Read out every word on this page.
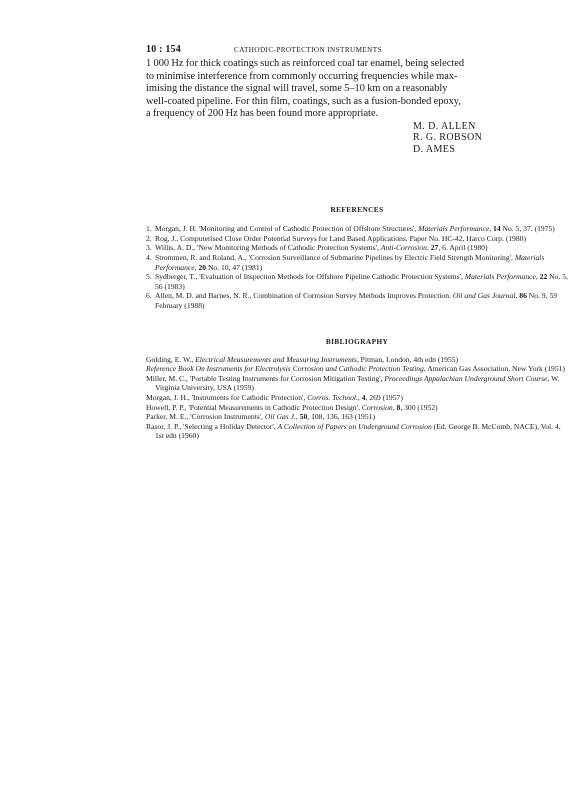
10 : 154	CATHODIC-PROTECTION INSTRUMENTS

1 000 Hz for thick coatings such as reinforced coal tar enamel, being selected
to minimise interference from commonly occurring frequencies while max-
imising the distance the signal will travel, some 5–10 km on a reasonably
well-coated pipeline. For thin film, coatings, such as a fusion-bonded epoxy,
a frequency of 200 Hz has been found more appropriate.

M. D. ALLEN
R. G. ROBSON
D. AMES
REFERENCES
1. Morgan, J. H. 'Monitoring and Control of Cathodic Protection of Offshore Structures', Materials Performance, 14 No. 5, 37. (1975)
2. Rog, J., Computerised Close Order Potential Surveys for Land Based Applications. Paper No. HC-42, Harco Corp. (1980)
3. Willis, A. D., 'New Monitoring Methods of Cathodic Protection Systems', Anti-Corrosion, 27, 6. April (1980)
4. Strommen, R. and Roland, A., 'Corrosion Surveillance of Submarine Pipelines by Electric Field Strength Monitoring', Materials Performance, 20 No. 10, 47 (1981)
5. Sydberger, T., 'Evaluation of Inspection Methods for Offshore Pipeline Cathodic Protection Systems', Materials Performance, 22 No. 5, 56 (1983)
6. Allen, M. D. and Barnes, N. R., Combination of Corrosion Survey Methods Improves Protection. Oil and Gas Journal, 86 No. 9, 59 February (1988)
BIBLIOGRAPHY
Golding, E. W., Electrical Measurements and Measuring Instruments, Pitman, London, 4th edn (1955)
Reference Book On Instruments for Electrolysis Corrosion and Cathodic Protection Testing, American Gas Association, New York (1951)
Miller, M. C., 'Portable Testing Instruments for Corrosion Mitigation Testing', Proceedings Appalachian Underground Short Course, W. Virginia University, USA (1959)
Morgan, J. H., 'Instruments for Cathodic Protection', Corros. Technol., 4, 269 (1957)
Howell, P. P., 'Potential Measurements in Cathodic Protection Design', Corrosion, 8, 300 (1952)
Parker, M. E., 'Corrosion Instruments', Oil Gas J., 50, 108, 136, 163 (1951)
Rasor, J. P., 'Selecting a Holiday Detector', A Collection of Papers on Underground Corrosion (Ed. George B. McComb, NACE), Vol. 4, 1st edn (1960)
